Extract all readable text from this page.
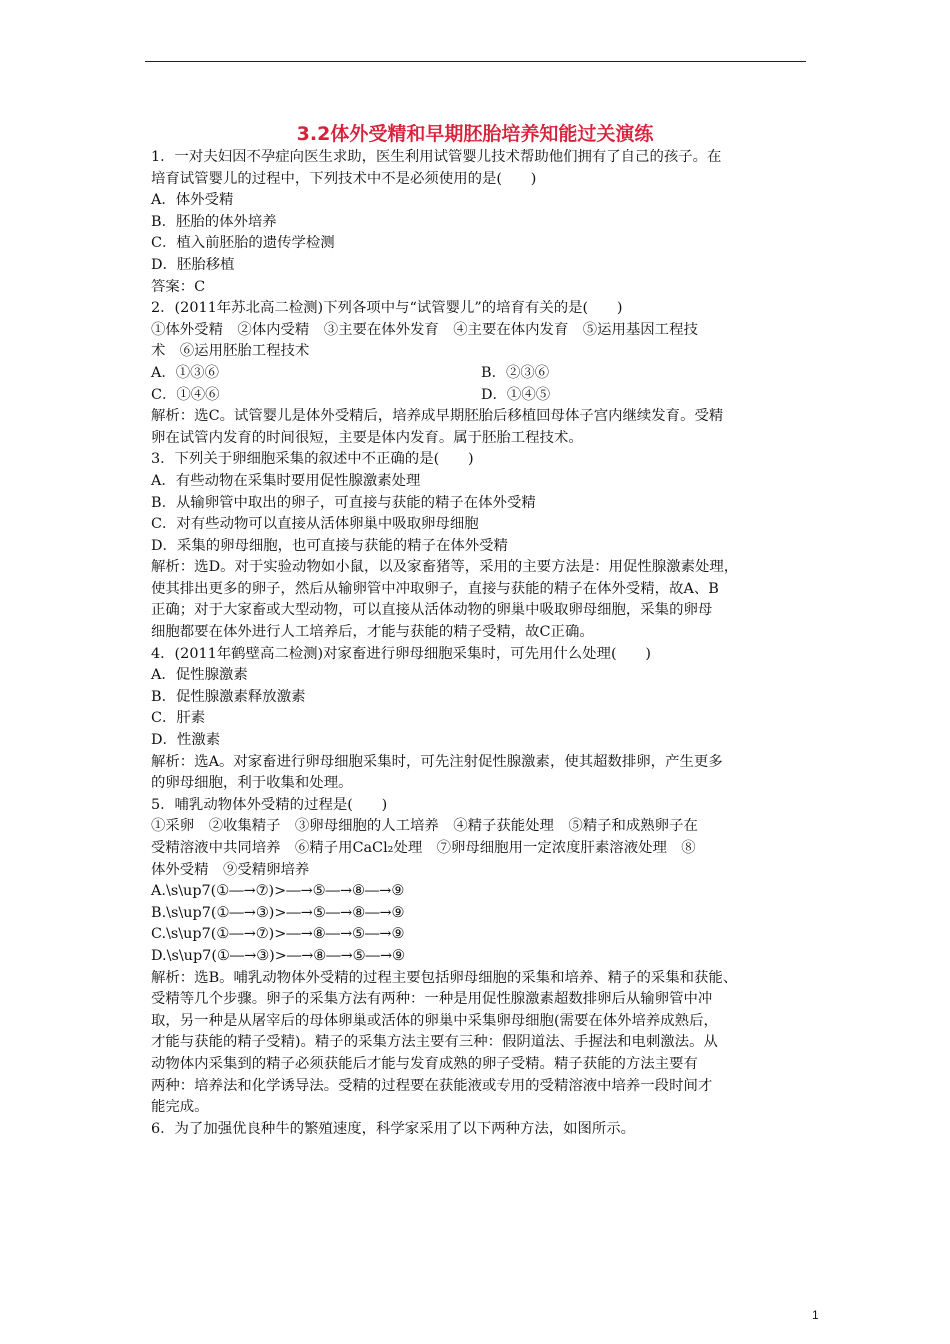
3.2体外受精和早期胚胎培养知能过关演练
1．一对夫妇因不孕症向医生求助，医生利用试管婴儿技术帮助他们拥有了自己的孩子。在
培育试管婴儿的过程中，下列技术中不是必须使用的是(　　)
A．体外受精
B．胚胎的体外培养
C．植入前胚胎的遗传学检测
D．胚胎移植
答案：C
2．(2011年苏北高二检测)下列各项中与“试管婴儿”的培育有关的是(　　)
①体外受精　②体内受精　③主要在体外发育　④主要在体内发育　⑤运用基因工程技
术　⑥运用胚胎工程技术
A．①③⑥	B．②③⑥
C．①④⑥	D．①④⑤
解析：选C。试管婴儿是体外受精后，培养成早期胚胎后移植回母体子宫内继续发育。受精
卵在试管内发育的时间很短，主要是体内发育。属于胚胎工程技术。
3．下列关于卵细胞采集的叙述中不正确的是(　　)
A．有些动物在采集时要用促性腺激素处理
B．从输卵管中取出的卵子，可直接与获能的精子在体外受精
C．对有些动物可以直接从活体卵巢中吸取卵母细胞
D．采集的卵母细胞，也可直接与获能的精子在体外受精
解析：选D。对于实验动物如小鼠，以及家畜猪等，采用的主要方法是：用促性腺激素处理，
使其排出更多的卵子，然后从输卵管中冲取卵子，直接与获能的精子在体外受精，故A、B
正确；对于大家畜或大型动物，可以直接从活体动物的卵巢中吸取卵母细胞，采集的卵母
细胞都要在体外进行人工培养后，才能与获能的精子受精，故C正确。
4．(2011年鹤壁高二检测)对家畜进行卵母细胞采集时，可先用什么处理(　　)
A．促性腺激素
B．促性腺激素释放激素
C．肝素
D．性激素
解析：选A。对家畜进行卵母细胞采集时，可先注射促性腺激素，使其超数排卵，产生更多
的卵母细胞，利于收集和处理。
5．哺乳动物体外受精的过程是(　　)
①采卵　②收集精子　③卵母细胞的人工培养　④精子获能处理　⑤精子和成熟卵子在
受精溶液中共同培养　⑥精子用CaCl₂处理　⑦卵母细胞用一定浓度肝素溶液处理　⑧
体外受精　⑨受精卵培养
A.\s\up7(①―→⑦)>―→⑤―→⑧―→⑨
B.\s\up7(①―→③)>―→⑤―→⑧―→⑨
C.\s\up7(①―→⑦)>―→⑧―→⑤―→⑨
D.\s\up7(①―→③)>―→⑧―→⑤―→⑨
解析：选B。哺乳动物体外受精的过程主要包括卵母细胞的采集和培养、精子的采集和获能、
受精等几个步骤。卵子的采集方法有两种：一种是用促性腺激素超数排卵后从输卵管中冲
取，另一种是从屠宰后的母体卵巢或活体的卵巢中采集卵母细胞(需要在体外培养成熟后，
才能与获能的精子受精)。精子的采集方法主要有三种：假阴道法、手握法和电刺激法。从
动物体内采集到的精子必须获能后才能与发育成熟的卵子受精。精子获能的方法主要有
两种：培养法和化学诱导法。受精的过程要在获能液或专用的受精溶液中培养一段时间才
能完成。
6．为了加强优良种牛的繁殖速度，科学家采用了以下两种方法，如图所示。
1
